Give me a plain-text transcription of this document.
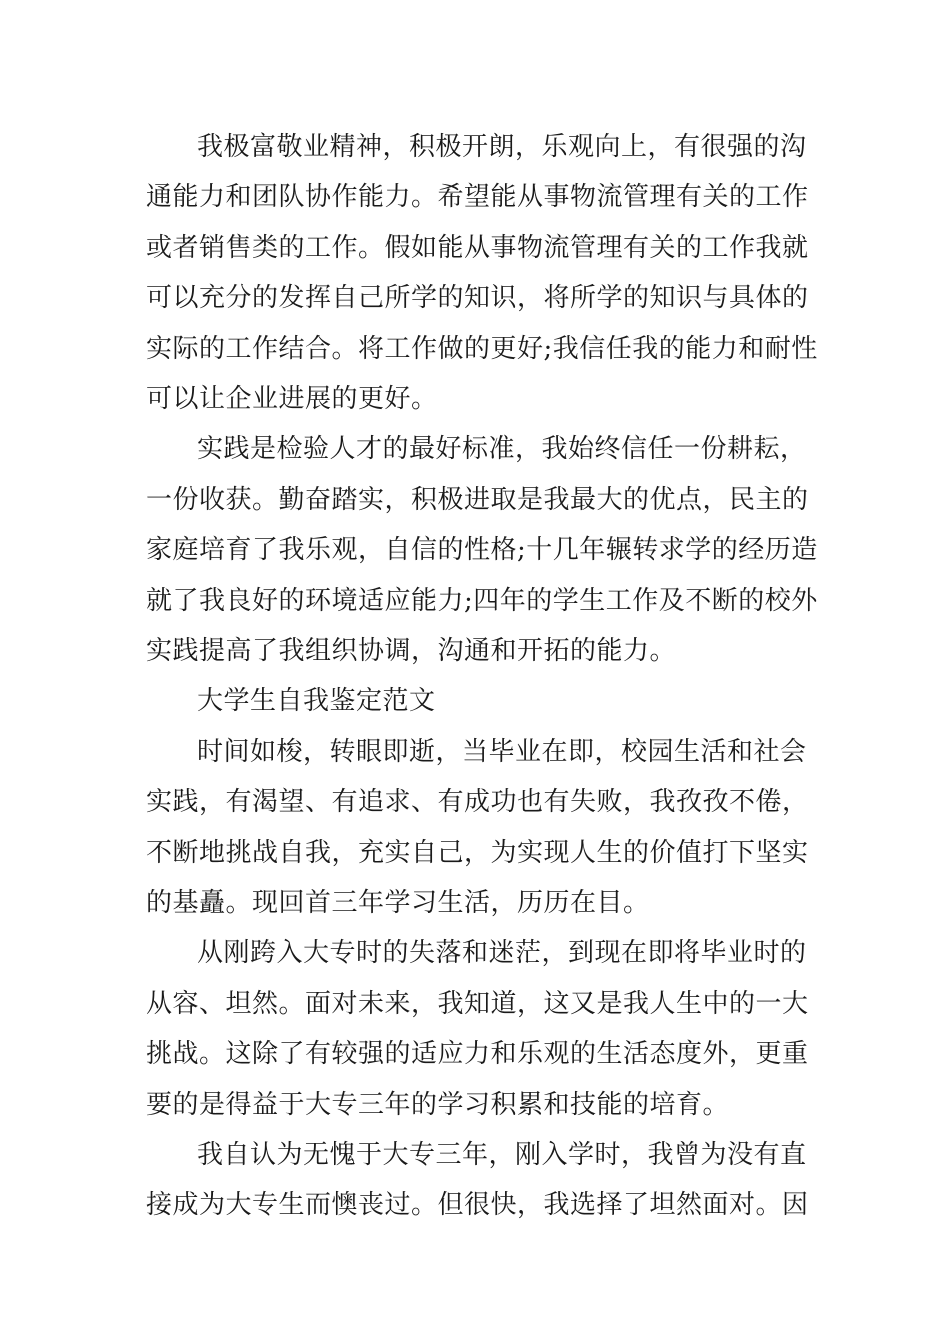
我极富敬业精神，积极开朗，乐观向上，有很强的沟
通能力和团队协作能力。希望能从事物流管理有关的工作
或者销售类的工作。假如能从事物流管理有关的工作我就
可以充分的发挥自己所学的知识，将所学的知识与具体的
实际的工作结合。将工作做的更好;我信任我的能力和耐性
可以让企业进展的更好。
实践是检验人才的最好标准，我始终信任一份耕耘，
一份收获。勤奋踏实，积极进取是我最大的优点，民主的
家庭培育了我乐观，自信的性格;十几年辗转求学的经历造
就了我良好的环境适应能力;四年的学生工作及不断的校外
实践提高了我组织协调，沟通和开拓的能力。
大学生自我鉴定范文
时间如梭，转眼即逝，当毕业在即，校园生活和社会
实践，有渴望、有追求、有成功也有失败，我孜孜不倦，
不断地挑战自我，充实自己，为实现人生的价值打下坚实
的基矗。现回首三年学习生活，历历在目。
从刚跨入大专时的失落和迷茫，到现在即将毕业时的
从容、坦然。面对未来，我知道，这又是我人生中的一大
挑战。这除了有较强的适应力和乐观的生活态度外，更重
要的是得益于大专三年的学习积累和技能的培育。
我自认为无愧于大专三年，刚入学时，我曾为没有直
接成为大专生而懊丧过。但很快，我选择了坦然面对。因
